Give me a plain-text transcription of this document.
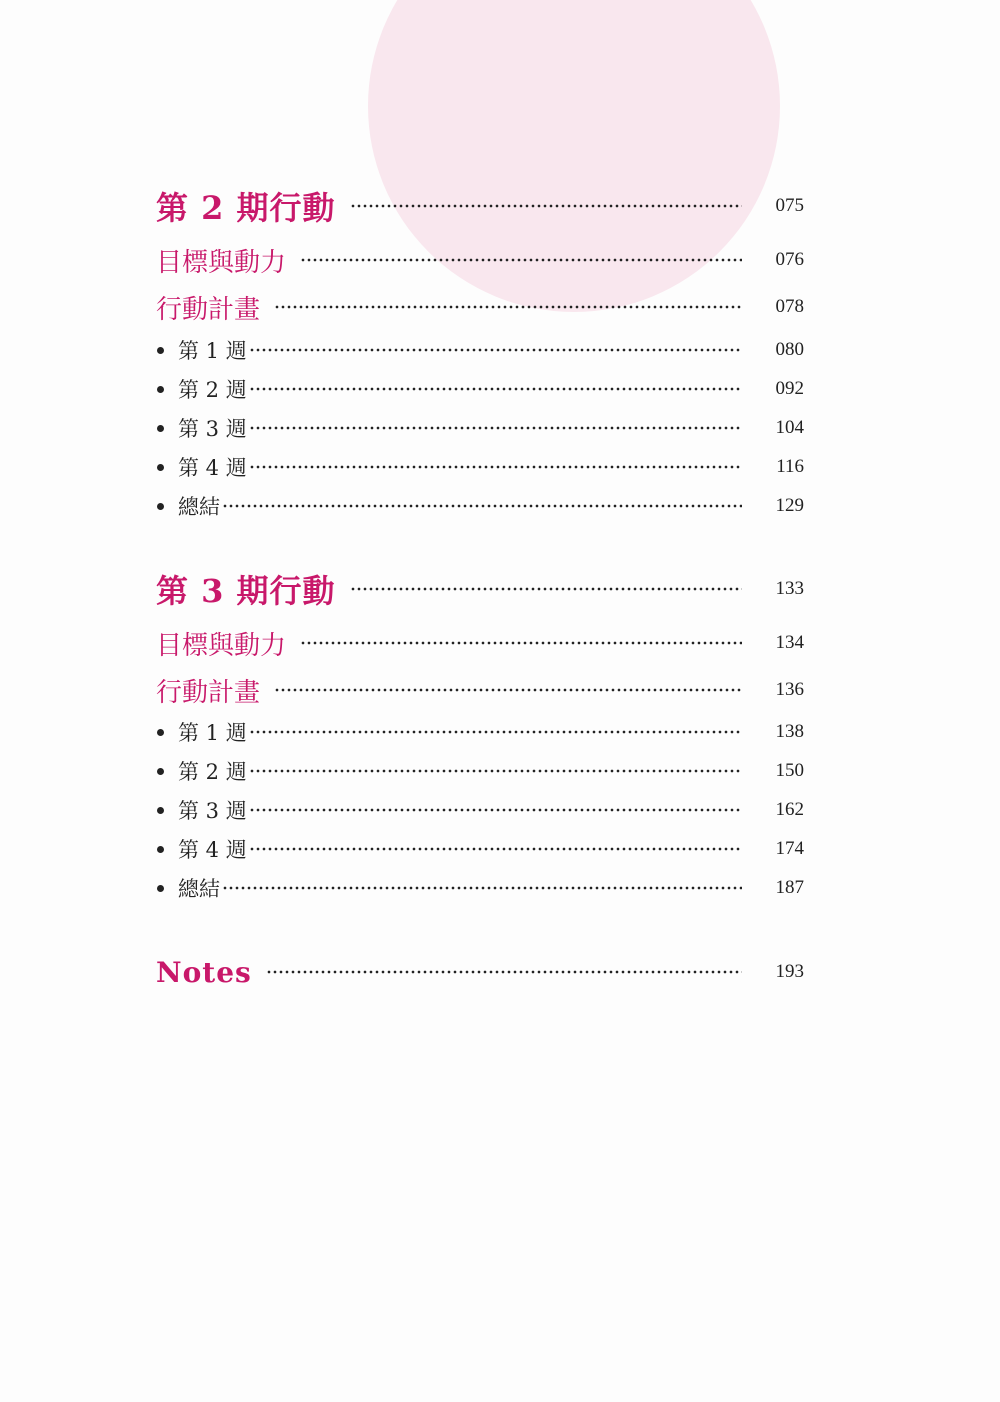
第 2 期行動	075
目標與動力	076
行動計畫	078
第 1 週	080
第 2 週	092
第 3 週	104
第 4 週	116
總結	129
第 3 期行動	133
目標與動力	134
行動計畫	136
第 1 週	138
第 2 週	150
第 3 週	162
第 4 週	174
總結	187
Notes	193
